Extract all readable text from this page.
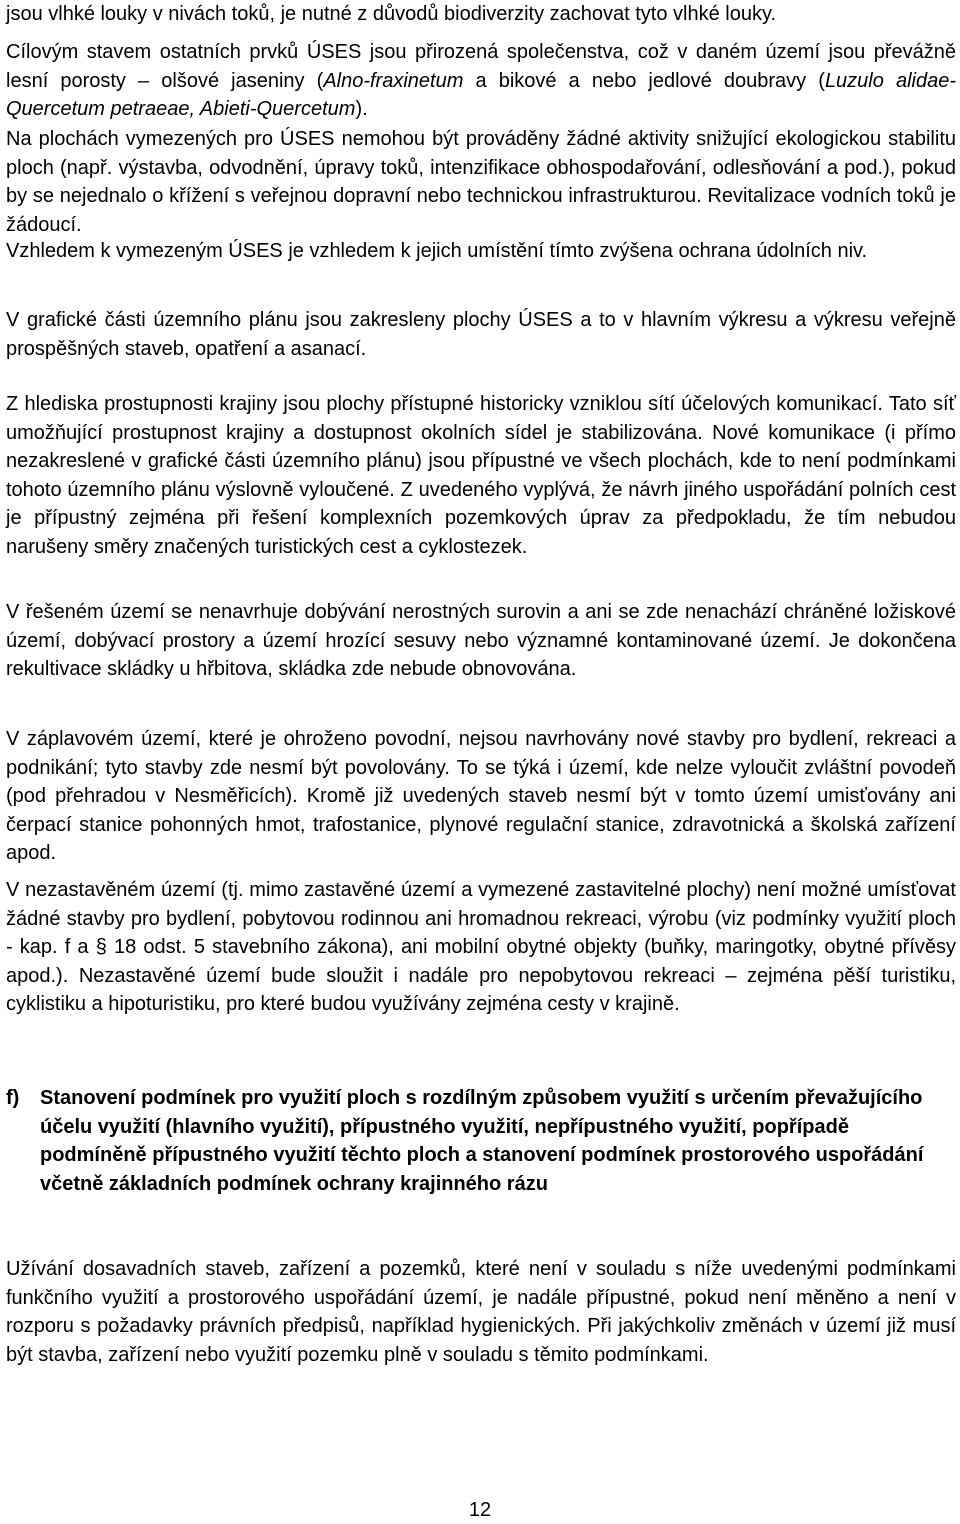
jsou vlhké louky v nivách toků, je nutné z důvodů biodiverzity zachovat tyto vlhké louky.

Cílovým stavem ostatních prvků ÚSES jsou přirozená společenstva, což v daném území jsou převážně lesní porosty – olšové jaseniny (Alno-fraxinetum a bikové a nebo jedlové doubravy (Luzulo alidae-Quercetum petraeae, Abieti-Quercetum).

Na plochách vymezených pro ÚSES nemohou být prováděny žádné aktivity snižující ekologickou stabilitu ploch (např. výstavba, odvodnění, úpravy toků, intenzifikace obhospodařování, odlesňování a pod.), pokud by se nejednalo o křížení s veřejnou dopravní nebo technickou infrastrukturou. Revitalizace vodních toků je žádoucí.

Vzhledem k vymezeným ÚSES je vzhledem k jejich umístění tímto zvýšena ochrana údolních niv.

V grafické části územního plánu jsou zakresleny plochy ÚSES a to v hlavním výkresu a výkresu veřejně prospěšných staveb, opatření a asanací.

Z hlediska prostupnosti krajiny jsou plochy přístupné historicky vzniklou sítí účelových komunikací. Tato síť umožňující prostupnost krajiny a dostupnost okolních sídel je stabilizována. Nové komunikace (i přímo nezakreslené v grafické části územního plánu) jsou přípustné ve všech plochách, kde to není podmínkami tohoto územního plánu výslovně vyloučené. Z uvedeného vyplývá, že návrh jiného uspořádání polních cest je přípustný zejména při řešení komplexních pozemkových úprav za předpokladu, že tím nebudou narušeny směry značených turistických cest a cyklostezek.

V řešeném území se nenavrhuje dobývání nerostných surovin a ani se zde nenachází chráněné ložiskové území, dobývací prostory a území hrozící sesuvy nebo významné kontaminované území. Je dokončena rekultivace skládky u hřbitova, skládka zde nebude obnovována.

V záplavovém území, které je ohroženo povodní, nejsou navrhovány nové stavby pro bydlení, rekreaci a podnikání; tyto stavby zde nesmí být povolovány. To se týká i území, kde nelze vyloučit zvláštní povodeň (pod přehradou v Nesměřicích). Kromě již uvedených staveb nesmí být v tomto území umisťovány ani čerpací stanice pohonných hmot, trafostanice, plynové regulační stanice, zdravotnická a školská zařízení apod.

V nezastavěném území (tj. mimo zastavěné území a vymezené zastavitelné plochy) není možné umísťovat žádné stavby pro bydlení, pobytovou rodinnou ani hromadnou rekreaci, výrobu (viz podmínky využití ploch - kap. f a § 18 odst. 5 stavebního zákona), ani mobilní obytné objekty (buňky, maringotky, obytné přívěsy apod.). Nezastavěné území bude sloužit i nadále pro nepobytovou rekreaci – zejména pěší turistiku, cyklistiku a hipoturistiku, pro které budou využívány zejména cesty v krajině.

f) Stanovení podmínek pro využití ploch s rozdílným způsobem využití s určením převažujícího účelu využití (hlavního využití), přípustného využití, nepřípustného využití, popřípadě podmíněně přípustného využití těchto ploch a stanovení podmínek prostorového uspořádání včetně základních podmínek ochrany krajinného rázu

Užívání dosavadních staveb, zařízení a pozemků, které není v souladu s níže uvedenými podmínkami funkčního využití a prostorového uspořádání území, je nadále přípustné, pokud není měněno a není v rozporu s požadavky právních předpisů, například hygienických. Při jakýchkoliv změnách v území již musí být stavba, zařízení nebo využití pozemku plně v souladu s těmito podmínkami.

12
